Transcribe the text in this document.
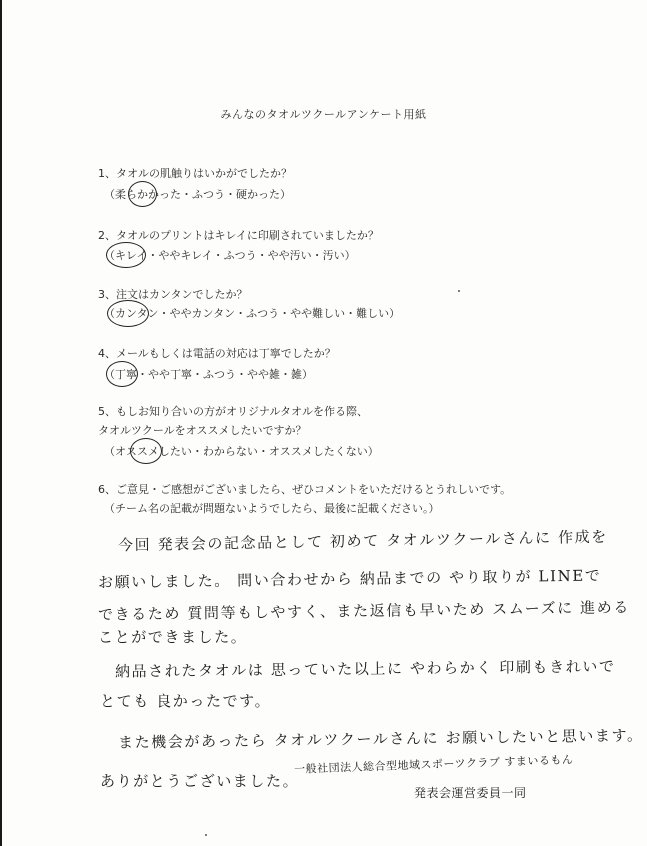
みんなのタオルツクールアンケート用紙
1、タオルの肌触りはいかがでしたか？
（柔らかかった・ふつう・硬かった）
2、タオルのプリントはキレイに印刷されていましたか？
（キレイ・ややキレイ・ふつう・やや汚い・汚い）
3、注文はカンタンでしたか？
（カンタン・ややカンタン・ふつう・やや難しい・難しい）
4、メールもしくは電話の対応は丁寧でしたか？
（丁寧・やや丁寧・ふつう・やや雑・雑）
5、もしお知り合いの方がオリジナルタオルを作る際、
タオルツクールをオススメしたいですか？
（オススメしたい・わからない・オススメしたくない）
6、ご意見・ご感想がございましたら、ぜひコメントをいただけるとうれしいです。
（チーム名の記載が問題ないようでしたら、最後に記載ください。）
今回 発表会の記念品として 初めて タオルツクールさんに 作成を
お願いしました。 問い合わせから 納品までの やり取りが LINEで
できるため 質問等もしやすく、また返信も早いため スムーズに 進める
ことができました。
納品されたタオルは 思っていた以上に やわらかく 印刷もきれいで
とても 良かったです。
また機会があったら タオルツクールさんに お願いしたいと思います。
ありがとうございました。
一般社団法人総合型地域スポーツクラブ すまいるもん
発表会運営委員一同
